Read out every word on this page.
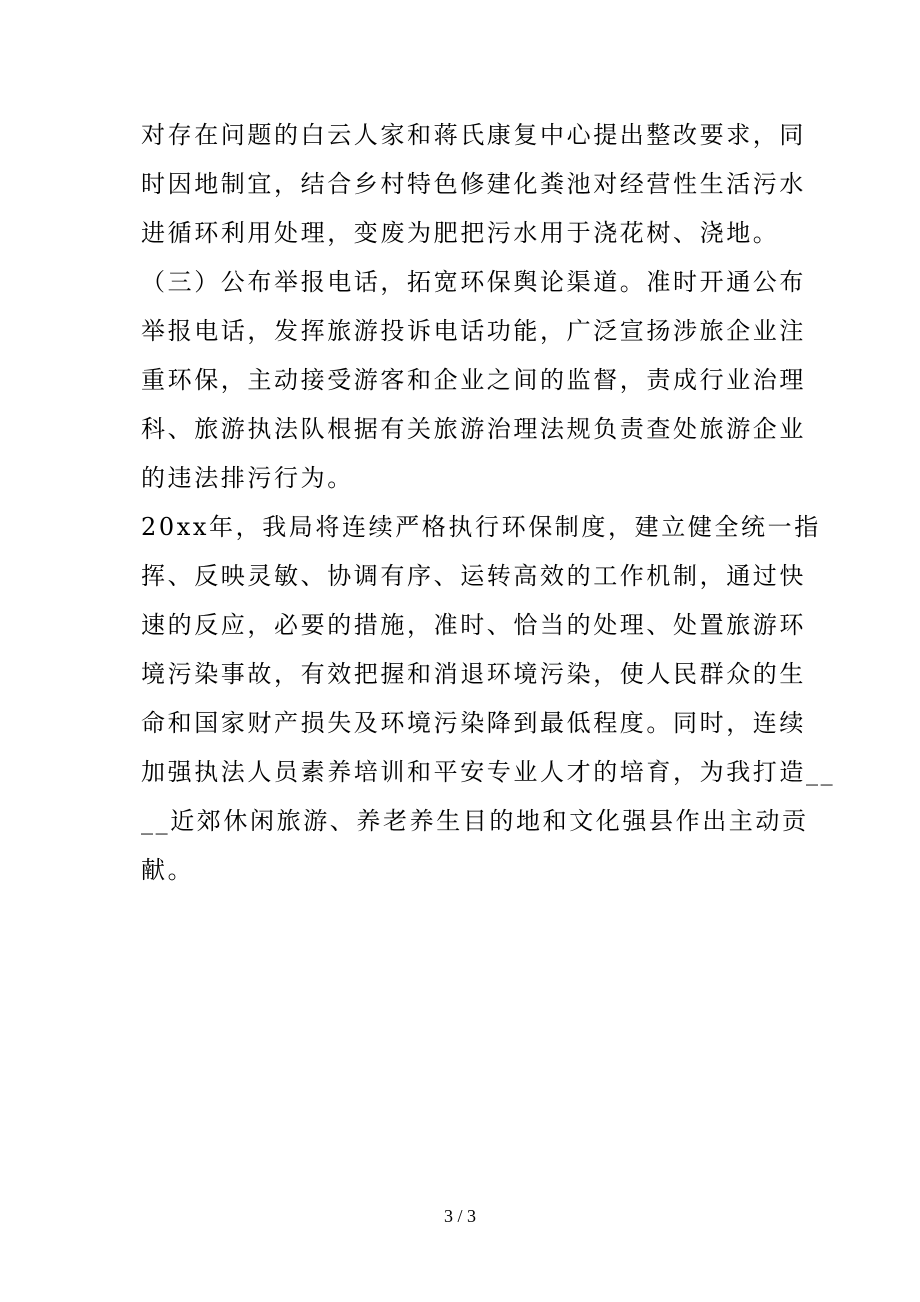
对存在问题的白云人家和蒋氏康复中心提出整改要求，同
时因地制宜，结合乡村特色修建化粪池对经营性生活污水
进循环利用处理，变废为肥把污水用于浇花树、浇地。
（三）公布举报电话，拓宽环保舆论渠道。准时开通公布
举报电话，发挥旅游投诉电话功能，广泛宣扬涉旅企业注
重环保，主动接受游客和企业之间的监督，责成行业治理
科、旅游执法队根据有关旅游治理法规负责查处旅游企业
的违法排污行为。
20xx年，我局将连续严格执行环保制度，建立健全统一指
挥、反映灵敏、协调有序、运转高效的工作机制，通过快
速的反应，必要的措施，准时、恰当的处理、处置旅游环
境污染事故，有效把握和消退环境污染，使人民群众的生
命和国家财产损失及环境污染降到最低程度。同时，连续
加强执法人员素养培训和平安专业人才的培育，为我打造__
__近郊休闲旅游、养老养生目的地和文化强县作出主动贡
献。
3 / 3
